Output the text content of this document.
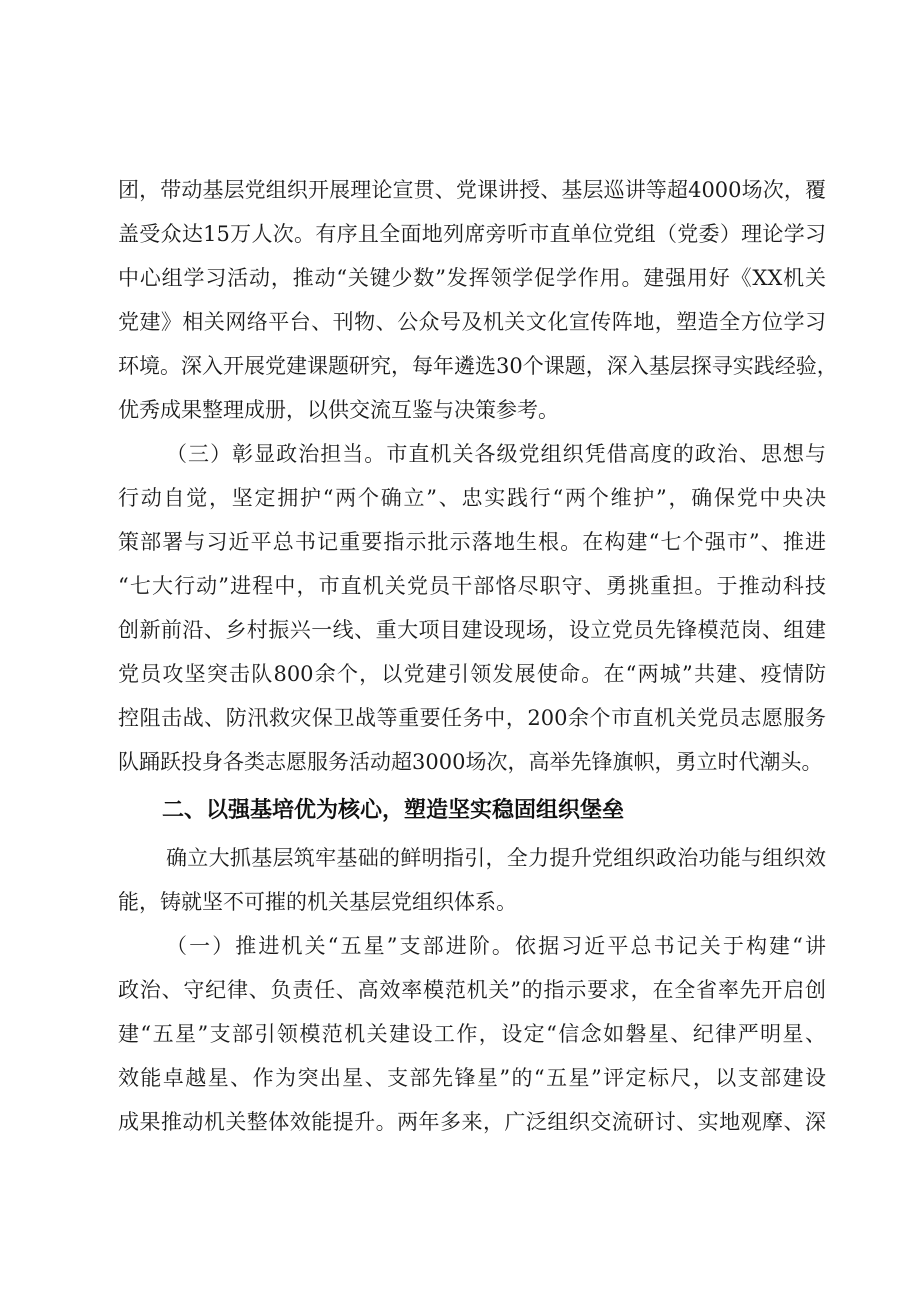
团，带动基层党组织开展理论宣贯、党课讲授、基层巡讲等超4000场次，覆
盖受众达15万人次。有序且全面地列席旁听市直单位党组（党委）理论学习
中心组学习活动，推动“关键少数”发挥领学促学作用。建强用好《XX机关
党建》相关网络平台、刊物、公众号及机关文化宣传阵地，塑造全方位学习
环境。深入开展党建课题研究，每年遴选30个课题，深入基层探寻实践经验，
优秀成果整理成册，以供交流互鉴与决策参考。
（三）彰显政治担当。市直机关各级党组织凭借高度的政治、思想与
行动自觉，坚定拥护“两个确立”、忠实践行“两个维护”，确保党中央决
策部署与习近平总书记重要指示批示落地生根。在构建“七个强市”、推进
“七大行动”进程中，市直机关党员干部恪尽职守、勇挑重担。于推动科技
创新前沿、乡村振兴一线、重大项目建设现场，设立党员先锋模范岗、组建
党员攻坚突击队800余个，以党建引领发展使命。在“两城”共建、疫情防
控阻击战、防汛救灾保卫战等重要任务中，200余个市直机关党员志愿服务
队踊跃投身各类志愿服务活动超3000场次，高举先锋旗帜，勇立时代潮头。
二、以强基培优为核心，塑造坚实稳固组织堡垒
确立大抓基层筑牢基础的鲜明指引，全力提升党组织政治功能与组织效
能，铸就坚不可摧的机关基层党组织体系。
（一）推进机关“五星”支部进阶。依据习近平总书记关于构建“讲
政治、守纪律、负责任、高效率模范机关”的指示要求，在全省率先开启创
建“五星”支部引领模范机关建设工作，设定“信念如磐星、纪律严明星、
效能卓越星、作为突出星、支部先锋星”的“五星”评定标尺，以支部建设
成果推动机关整体效能提升。两年多来，广泛组织交流研讨、实地观摩、深
